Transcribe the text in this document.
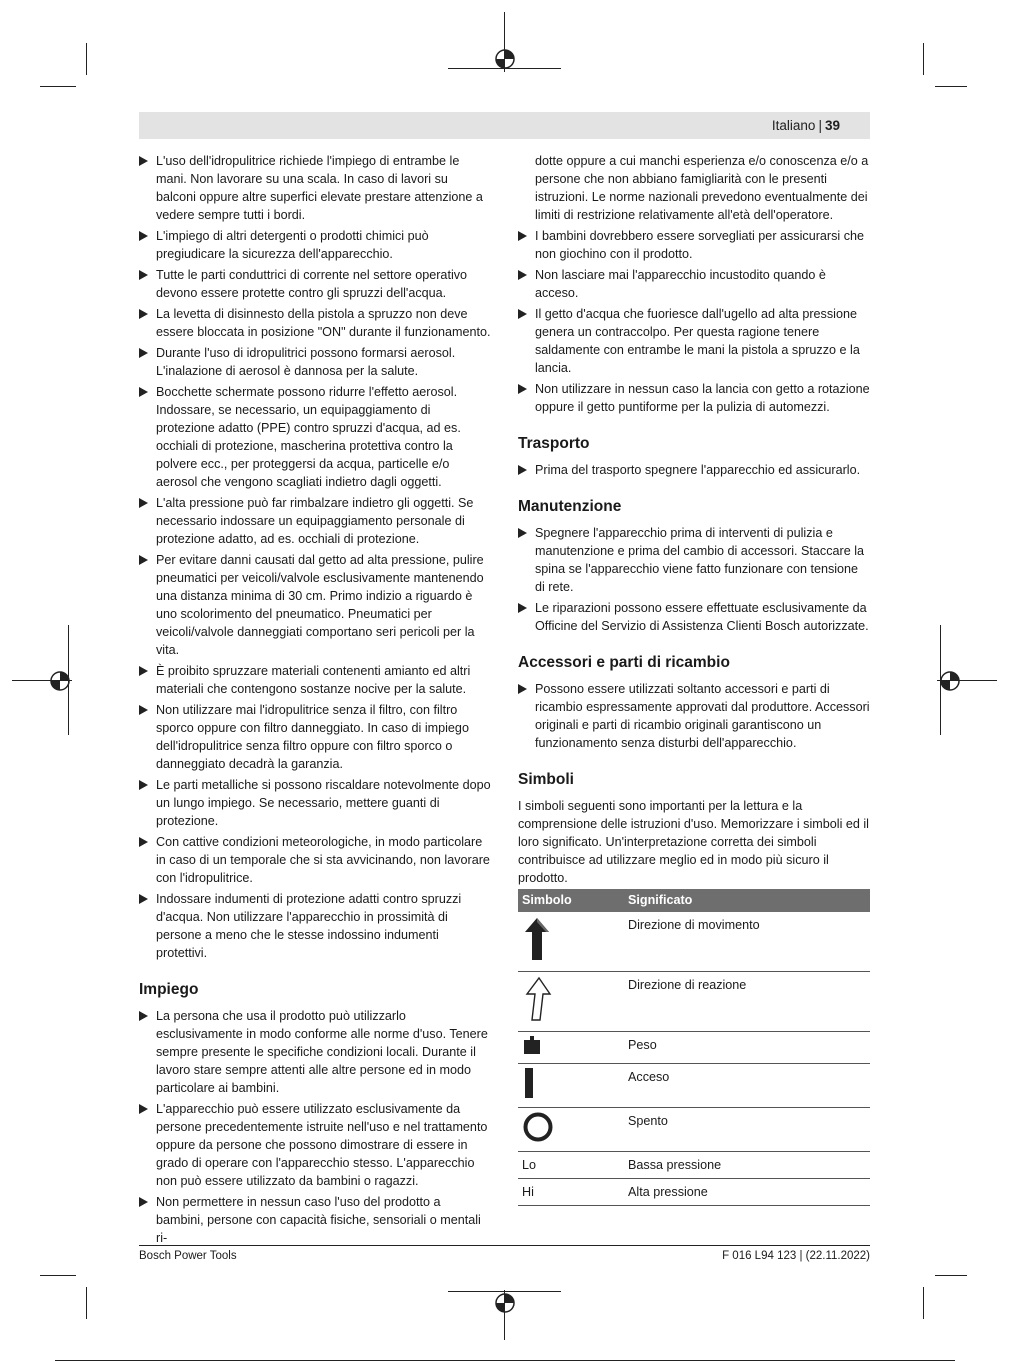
Italiano | 39
L'uso dell'idropulitrice richiede l'impiego di entrambe le mani. Non lavorare su una scala. In caso di lavori su balconi oppure altre superfici elevate prestare attenzione a vedere sempre tutti i bordi.
L'impiego di altri detergenti o prodotti chimici può pregiudicare la sicurezza dell'apparecchio.
Tutte le parti conduttrici di corrente nel settore operativo devono essere protette contro gli spruzzi dell'acqua.
La levetta di disinnesto della pistola a spruzzo non deve essere bloccata in posizione "ON" durante il funzionamento.
Durante l'uso di idropulitrici possono formarsi aerosol. L'inalazione di aerosol è dannosa per la salute.
Bocchette schermate possono ridurre l'effetto aerosol. Indossare, se necessario, un equipaggiamento di protezione adatto (PPE) contro spruzzi d'acqua, ad es. occhiali di protezione, mascherina protettiva contro la polvere ecc., per proteggersi da acqua, particelle e/o aerosol che vengono scagliati indietro dagli oggetti.
L'alta pressione può far rimbalzare indietro gli oggetti. Se necessario indossare un equipaggiamento personale di protezione adatto, ad es. occhiali di protezione.
Per evitare danni causati dal getto ad alta pressione, pulire pneumatici per veicoli/valvole esclusivamente mantenendo una distanza minima di 30 cm. Primo indizio a riguardo è uno scolorimento del pneumatico. Pneumatici per veicoli/valvole danneggiati comportano seri pericoli per la vita.
È proibito spruzzare materiali contenenti amianto ed altri materiali che contengono sostanze nocive per la salute.
Non utilizzare mai l'idropulitrice senza il filtro, con filtro sporco oppure con filtro danneggiato. In caso di impiego dell'idropulitrice senza filtro oppure con filtro sporco o danneggiato decadrà la garanzia.
Le parti metalliche si possono riscaldare notevolmente dopo un lungo impiego. Se necessario, mettere guanti di protezione.
Con cattive condizioni meteorologiche, in modo particolare in caso di un temporale che si sta avvicinando, non lavorare con l'idropulitrice.
Indossare indumenti di protezione adatti contro spruzzi d'acqua. Non utilizzare l'apparecchio in prossimità di persone a meno che le stesse indossino indumenti protettivi.
Impiego
La persona che usa il prodotto può utilizzarlo esclusivamente in modo conforme alle norme d'uso. Tenere sempre presente le specifiche condizioni locali. Durante il lavoro stare sempre attenti alle altre persone ed in modo particolare ai bambini.
L'apparecchio può essere utilizzato esclusivamente da persone precedentemente istruite nell'uso e nel trattamento oppure da persone che possono dimostrare di essere in grado di operare con l'apparecchio stesso. L'apparecchio non può essere utilizzato da bambini o ragazzi.
Non permettere in nessun caso l'uso del prodotto a bambini, persone con capacità fisiche, sensoriali o mentali ri-
dotte oppure a cui manchi esperienza e/o conoscenza e/o a persone che non abbiano famigliarità con le presenti istruzioni. Le norme nazionali prevedono eventualmente dei limiti di restrizione relativamente all'età dell'operatore.
I bambini dovrebbero essere sorvegliati per assicurarsi che non giochino con il prodotto.
Non lasciare mai l'apparecchio incustodito quando è acceso.
Il getto d'acqua che fuoriesce dall'ugello ad alta pressione genera un contraccolpo. Per questa ragione tenere saldamente con entrambe le mani la pistola a spruzzo e la lancia.
Non utilizzare in nessun caso la lancia con getto a rotazione oppure il getto puntiforme per la pulizia di automezzi.
Trasporto
Prima del trasporto spegnere l'apparecchio ed assicurarlo.
Manutenzione
Spegnere l'apparecchio prima di interventi di pulizia e manutenzione e prima del cambio di accessori. Staccare la spina se l'apparecchio viene fatto funzionare con tensione di rete.
Le riparazioni possono essere effettuate esclusivamente da Officine del Servizio di Assistenza Clienti Bosch autorizzate.
Accessori e parti di ricambio
Possono essere utilizzati soltanto accessori e parti di ricambio espressamente approvati dal produttore. Accessori originali e parti di ricambio originali garantiscono un funzionamento senza disturbi dell'apparecchio.
Simboli
I simboli seguenti sono importanti per la lettura e la comprensione delle istruzioni d'uso. Memorizzare i simboli ed il loro significato. Un'interpretazione corretta dei simboli contribuisce ad utilizzare meglio ed in modo più sicuro il prodotto.
Simbolo	Significato
	Direzione di movimento
	Direzione di reazione
	Peso
	Acceso
	Spento
Lo	Bassa pressione
Hi	Alta pressione
Bosch Power Tools	F 016 L94 123 | (22.11.2022)
